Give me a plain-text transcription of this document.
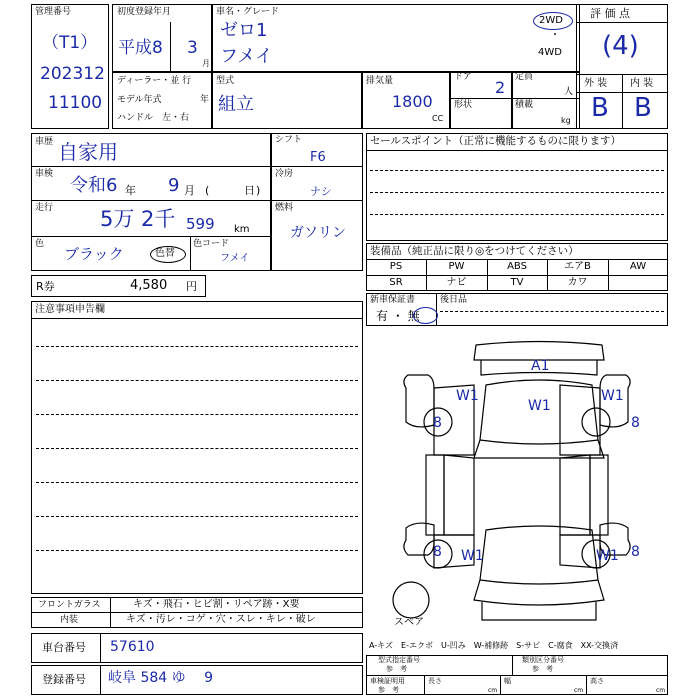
管理番号
（T1）
202312
11100
初度登録年月
平成8 3
月
車名・グレード
ゼロ1
フメイ
2WD
・
4WD
評 価 点
(4)
外 装 内 装
B B
ディーラー・並 行
モデル年式	年
ハンドル　左・右
型式
組立
排気量
1800
CC
ドア
2
形状
定員
人
積載
kg
車歴 自家用
車検
令和6 年 9 月 (	日 )
走行 5万 2千 599 km
色
ブラック	色替
色コード
フメイ
シフト
F6
冷房
ナシ
燃料
ガソリン
セールスポイント（正常に機能するものに限ります）
装備品（純正品に限り◎をつけてください）
PS	PW	ABS	エアB	AW
SR	ナビ	TV	カワ
新車保証書	後日品
有 ・ 無
R券	4,580 円
注意事項申告欄
フロントガラス	キズ・飛石・ヒビ割・リペア跡・X要
内装	キズ・汚レ・コゲ・穴・スレ・キレ・破レ
車台番号 57610
登録番号 岐阜 584 ゆ　 9
A-キズ　E-エクボ　U-凹み　W-補修跡　S-サビ　C-腐食　XX-交換済
型式指定番号
参　考
類別区分番号
参　考
車検証明用
参　考
長さ
cm
幅
cm
高さ
cm
A1
W1
W1	W1
W1	W1
8	8
8	8
スペア
